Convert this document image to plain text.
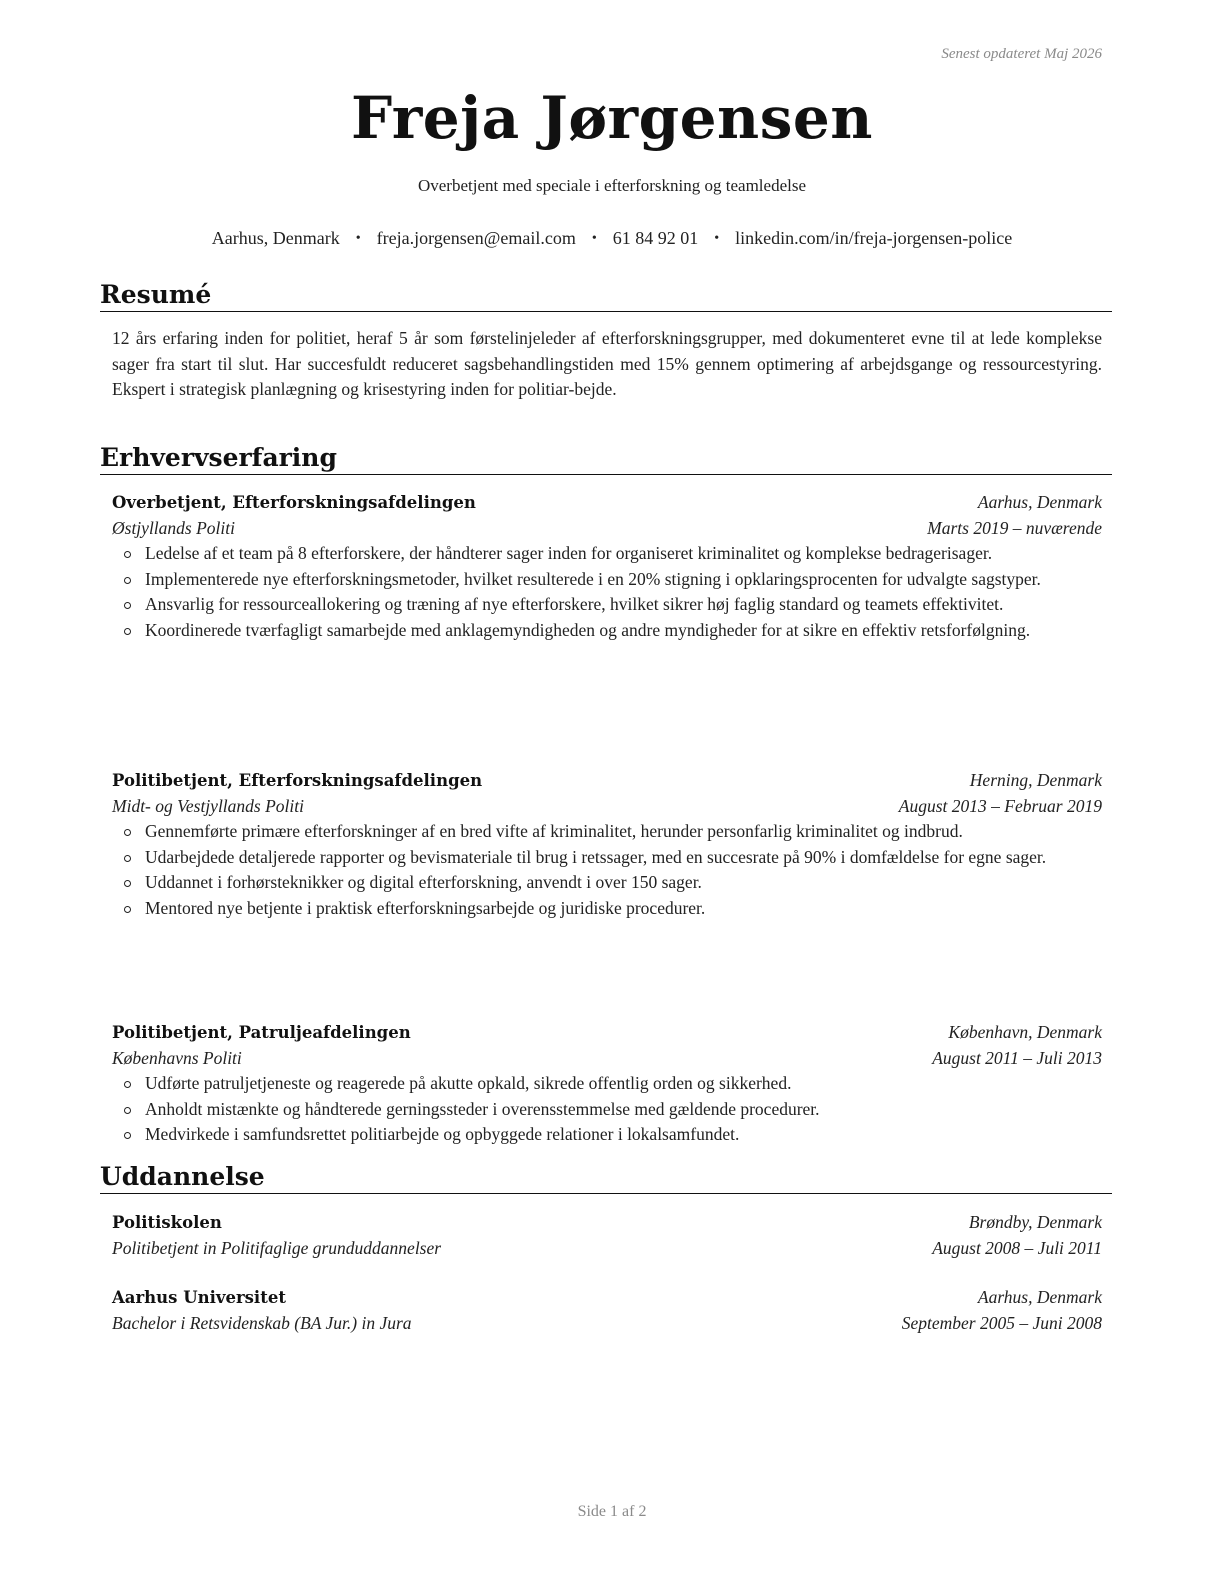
Senest opdateret Maj 2026
Freja Jørgensen
Overbetjent med speciale i efterforskning og teamledelse
Aarhus, Denmark • freja.jorgensen@email.com • 61 84 92 01 • linkedin.com/in/freja-jorgensen-police
Resumé

12 års erfaring inden for politiet, heraf 5 år som førstelinjeleder af efterforskningsgrupper, med dokumenteret evne til at lede komplekse sager fra start til slut. Har succesfuldt reduceret sagsbehandlingstiden med 15% gennem optimering af arbejdsgange og ressourcestyring. Ekspert i strategisk planlægning og krisestyring inden for politiar-bejde.

Erhvervserfaring
Overbetjent, Efterforskningsafdelingen	Aarhus, Denmark
Østjyllands Politi	Marts 2019 – nuværende
Ledelse af et team på 8 efterforskere, der håndterer sager inden for organiseret kriminalitet og komplekse bedragerisager.
Implementerede nye efterforskningsmetoder, hvilket resulterede i en 20% stigning i opklaringsprocenten for udvalgte sagstyper.
Ansvarlig for ressourceallokering og træning af nye efterforskere, hvilket sikrer høj faglig standard og teamets effektivitet.
Koordinerede tværfagligt samarbejde med anklagemyndigheden og andre myndigheder for at sikre en effektiv retsforfølgning.
Politibetjent, Efterforskningsafdelingen	Herning, Denmark
Midt- og Vestjyllands Politi	August 2013 – Februar 2019
Gennemførte primære efterforskninger af en bred vifte af kriminalitet, herunder personfarlig kriminalitet og indbrud.
Udarbejdede detaljerede rapporter og bevismateriale til brug i retssager, med en succesrate på 90% i domfældelse for egne sager.
Uddannet i forhørsteknikker og digital efterforskning, anvendt i over 150 sager.
Mentored nye betjente i praktisk efterforskningsarbejde og juridiske procedurer.
Politibetjent, Patruljeafdelingen	København, Denmark
Københavns Politi	August 2011 – Juli 2013
Udførte patruljetjeneste og reagerede på akutte opkald, sikrede offentlig orden og sikkerhed.
Anholdt mistænkte og håndterede gerningssteder i overensstemmelse med gældende procedurer.
Medvirkede i samfundsrettet politiarbejde og opbyggede relationer i lokalsamfundet.
Uddannelse
Politiskolen	Brøndby, Denmark
Politibetjent in Politifaglige grunduddannelser	August 2008 – Juli 2011
Aarhus Universitet	Aarhus, Denmark
Bachelor i Retsvidenskab (BA Jur.) in Jura	September 2005 – Juni 2008
Side 1 af 2
